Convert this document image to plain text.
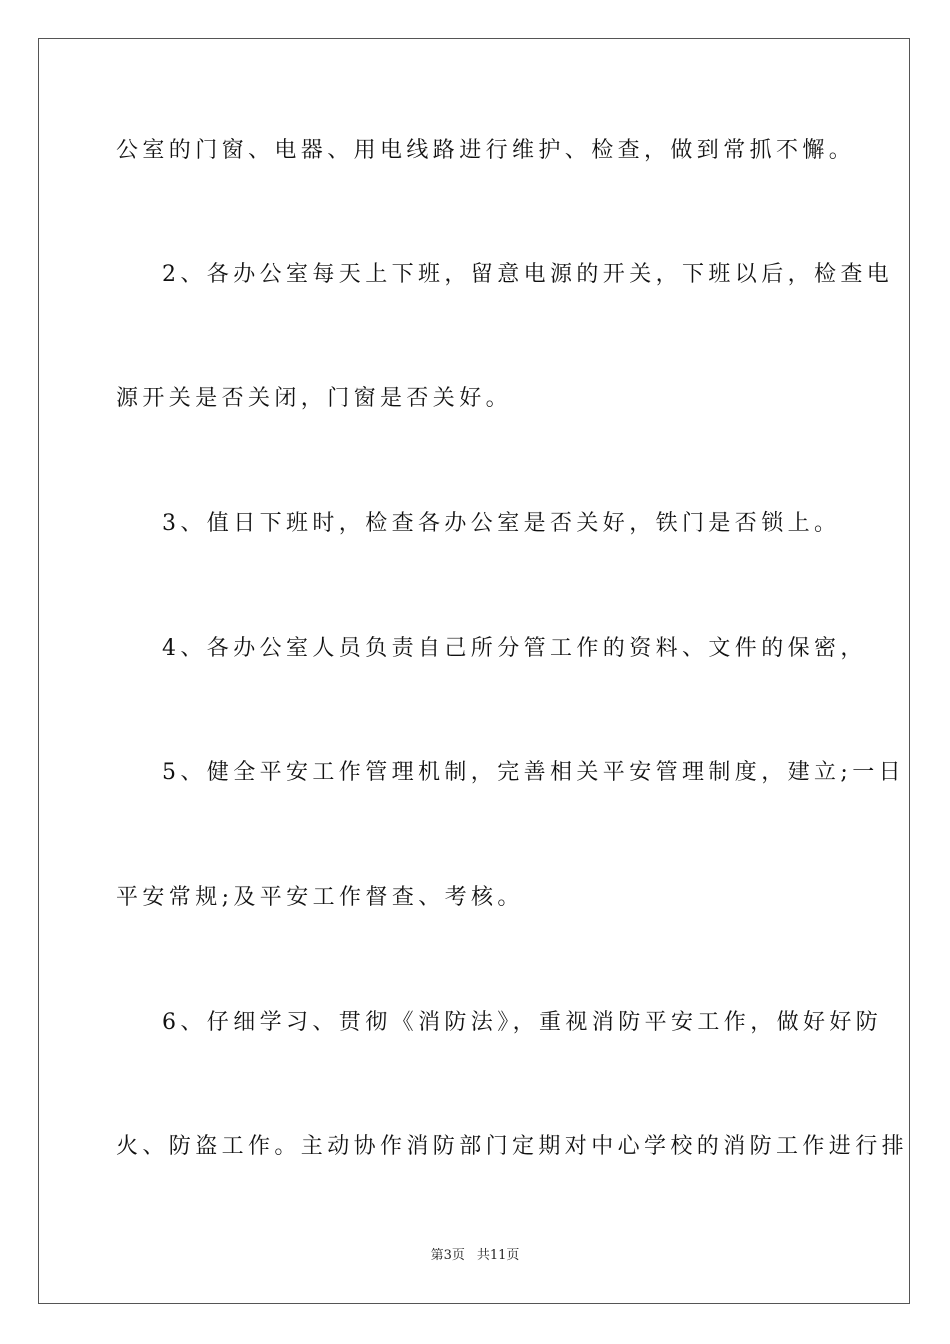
公室的门窗、电器、用电线路进行维护、检查，做到常抓不懈。
2、各办公室每天上下班，留意电源的开关，下班以后，检查电
源开关是否关闭，门窗是否关好。
3、值日下班时，检查各办公室是否关好，铁门是否锁上。
4、各办公室人员负责自己所分管工作的资料、文件的保密，
5、健全平安工作管理机制，完善相关平安管理制度，建立;一日
平安常规;及平安工作督查、考核。
6、仔细学习、贯彻《消防法》，重视消防平安工作，做好好防
火、防盗工作。主动协作消防部门定期对中心学校的消防工作进行排
第3页 共11页
